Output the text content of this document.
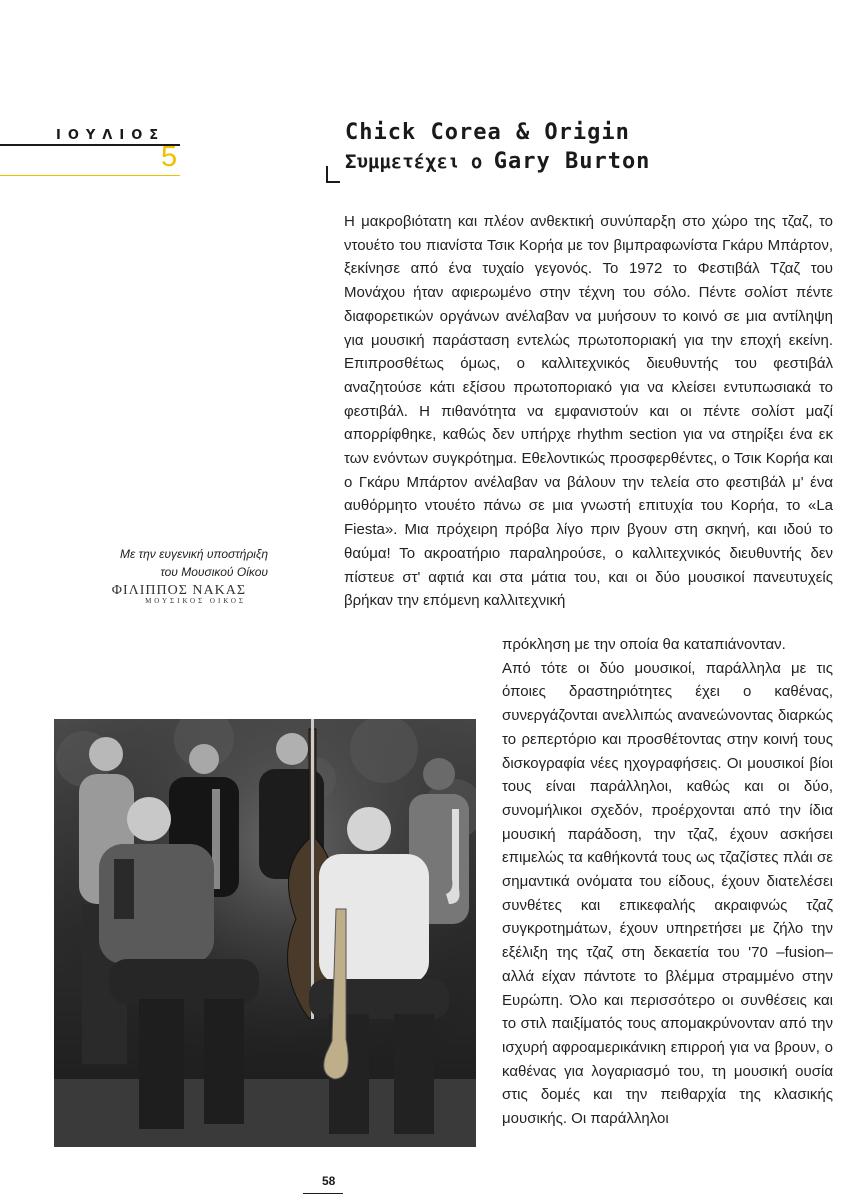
ΙΟΥΛΙΟΣ
5
Chick Corea & Origin
Συμμετέχει ο Gary Burton

Η μακροβιότατη και πλέον ανθεκτική συνύπαρξη στο χώρο της τζαζ, το ντουέτο του πιανίστα Τσικ Κορήα με τον βιμπραφωνίστα Γκάρυ Μπάρτον, ξεκίνησε από ένα τυχαίο γεγονός. Το 1972 το Φεστιβάλ Τζαζ του Μονάχου ήταν αφιερωμένο στην τέχνη του σόλο. Πέντε σολίστ πέντε διαφορετικών οργάνων ανέλαβαν να μυήσουν το κοινό σε μια αντίληψη για μουσική παράσταση εντελώς πρωτοποριακή για την εποχή εκείνη. Επιπροσθέτως όμως, ο καλλιτεχνικός διευθυντής του φεστιβάλ αναζητούσε κάτι εξίσου πρωτοποριακό για να κλείσει εντυπωσιακά το φεστιβάλ. Η πιθανότητα να εμφανιστούν και οι πέντε σολίστ μαζί απορρίφθηκε, καθώς δεν υπήρχε rhythm section για να στηρίξει ένα εκ των ενόντων συγκρότημα. Εθελοντικώς προσφερθέντες, ο Τσικ Κορήα και ο Γκάρυ Μπάρτον ανέλαβαν να βάλουν την τελεία στο φεστιβάλ μ' ένα αυθόρμητο ντουέτο πάνω σε μια γνωστή επιτυχία του Κορήα, το «La Fiesta». Μια πρόχειρη πρόβα λίγο πριν βγουν στη σκηνή, και ιδού το θαύμα! Το ακροατήριο παραληρούσε, ο καλλιτεχνικός διευθυντής δεν πίστευε στ' αφτιά και στα μάτια του, και οι δύο μουσικοί πανευτυχείς βρήκαν την επόμενη καλλιτεχνική

πρόκληση με την οποία θα καταπιάνονταν.

Από τότε οι δύο μουσικοί, παράλληλα με τις όποιες δραστηριότητες έχει ο καθένας, συνεργάζονται ανελλιπώς ανανεώνοντας διαρκώς το ρεπερτόριο και προσθέτοντας στην κοινή τους δισκογραφία νέες ηχογραφήσεις. Οι μουσικοί βίοι τους είναι παράλληλοι, καθώς και οι δύο, συνομήλικοι σχεδόν, προέρχονται από την ίδια μουσική παράδοση, την τζαζ, έχουν ασκήσει επιμελώς τα καθήκοντά τους ως τζαζίστες πλάι σε σημαντικά ονόματα του είδους, έχουν διατελέσει συνθέτες και επικεφαλής ακραιφνώς τζαζ συγκροτημάτων, έχουν υπηρετήσει με ζήλο την εξέλιξη της τζαζ στη δεκαετία του '70 –fusion– αλλά είχαν πάντοτε το βλέμμα στραμμένο στην Ευρώπη. Όλο και περισσότερο οι συνθέσεις και το στιλ παιξίματός τους απομακρύνονταν από την ισχυρή αφροαμερικάνικη επιρροή για να βρουν, ο καθένας για λογαριασμό του, τη μουσική ουσία στις δομές και την πειθαρχία της κλασικής μουσικής. Οι παράλληλοι

Με την ευγενική υποστήριξη
του Μουσικού Οίκου
ΦΙΛΙΠΠΟΣ ΝΑΚΑΣ
ΜΟΥΣΙΚΟΣ ΟΙΚΟΣ
58
